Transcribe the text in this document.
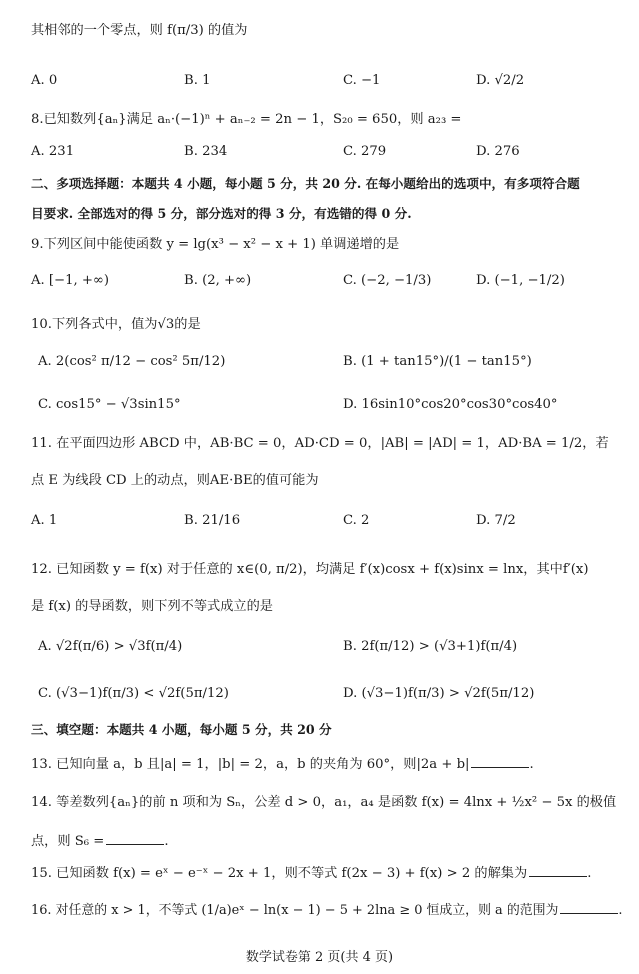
其相邻的一个零点，则 f(π/3) 的值为
A. 0	B. 1	C. −1	D. √2/2
8.已知数列{aₙ}满足 aₙ·(−1)ⁿ + aₙ₋₂ = 2n − 1，S₂₀ = 650，则 a₂₃ =
A. 231	B. 234	C. 279	D. 276
二、多项选择题：本题共 4 小题，每小题 5 分，共 20 分. 在每小题给出的选项中，有多项符合题
目要求. 全部选对的得 5 分，部分选对的得 3 分，有选错的得 0 分.
9.下列区间中能使函数 y = lg(x³ − x² − x + 1) 单调递增的是
A. [−1, +∞)	B. (2, +∞)	C. (−2, −1/3)	D. (−1, −1/2)
10.下列各式中，值为√3的是
A. 2(cos² π/12 − cos² 5π/12)	B. (1 + tan15°)/(1 − tan15°)
C. cos15° − √3sin15°	D. 16sin10°cos20°cos30°cos40°
11. 在平面四边形 ABCD 中，AB·BC = 0，AD·CD = 0，|AB| = |AD| = 1，AD·BA = 1/2，若
点 E 为线段 CD 上的动点，则AE·BE的值可能为
A. 1	B. 21/16	C. 2	D. 7/2
12. 已知函数 y = f(x) 对于任意的 x∈(0, π/2)，均满足 f′(x)cosx + f(x)sinx = lnx，其中f′(x)
是 f(x) 的导函数，则下列不等式成立的是
A. √2f(π/6) > √3f(π/4)	B. 2f(π/12) > (√3+1)f(π/4)
C. (√3−1)f(π/3) < √2f(5π/12)	D. (√3−1)f(π/3) > √2f(5π/12)
三、填空题：本题共 4 小题，每小题 5 分，共 20 分
13. 已知向量 a，b 且|a| = 1，|b| = 2，a，b 的夹角为 60°，则|2a + b|	.
14. 等差数列{aₙ}的前 n 项和为 Sₙ，公差 d > 0，a₁，a₄ 是函数 f(x) = 4lnx + ½x² − 5x 的极值
点，则 S₆ =	.
15. 已知函数 f(x) = eˣ − e⁻ˣ − 2x + 1，则不等式 f(2x − 3) + f(x) > 2 的解集为	.
16. 对任意的 x > 1，不等式 (1/a)eˣ − ln(x − 1) − 5 + 2lna ≥ 0 恒成立，则 a 的范围为	.
数学试卷第 2 页(共 4 页)
